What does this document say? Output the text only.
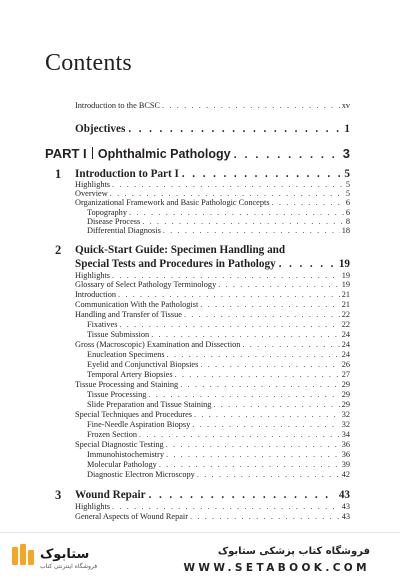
Contents
Introduction to the BCSC . . .	xv
Objectives . . .	1
PART I Ophthalmic Pathology . . .	3
1 Introduction to Part I . . .	5
Highlights . . .	5
Overview . . .	5
Organizational Framework and Basic Pathologic Concepts . . .	6
Topography . . .	6
Disease Process . . .	8
Differential Diagnosis . . .	18
2 Quick-Start Guide: Specimen Handling and
Special Tests and Procedures in Pathology . . .	19
Highlights . . .	19
Glossary of Select Pathology Terminology . . .	19
Introduction . . .	21
Communication With the Pathologist . . .	21
Handling and Transfer of Tissue . . .	22
Fixatives . . .	22
Tissue Submission . . .	24
Gross (Macroscopic) Examination and Dissection . . .	24
Enucleation Specimens . . .	24
Eyelid and Conjunctival Biopsies . . .	26
Temporal Artery Biopsies . . .	27
Tissue Processing and Staining . . .	29
Tissue Processing . . .	29
Slide Preparation and Tissue Staining . . .	29
Special Techniques and Procedures . . .	32
Fine-Needle Aspiration Biopsy . . .	32
Frozen Section . . .	34
Special Diagnostic Testing . . .	36
Immunohistochemistry . . .	36
Molecular Pathology . . .	39
Diagnostic Electron Microscopy . . .	42
3 Wound Repair . . .	43
Highlights . . .	43
General Aspects of Wound Repair . . .	43
ستابوک
فروشگاه اینترنتی کتاب
فروشگاه کتاب پزشکی ستابوک
WWW.SETABOOK.COM
